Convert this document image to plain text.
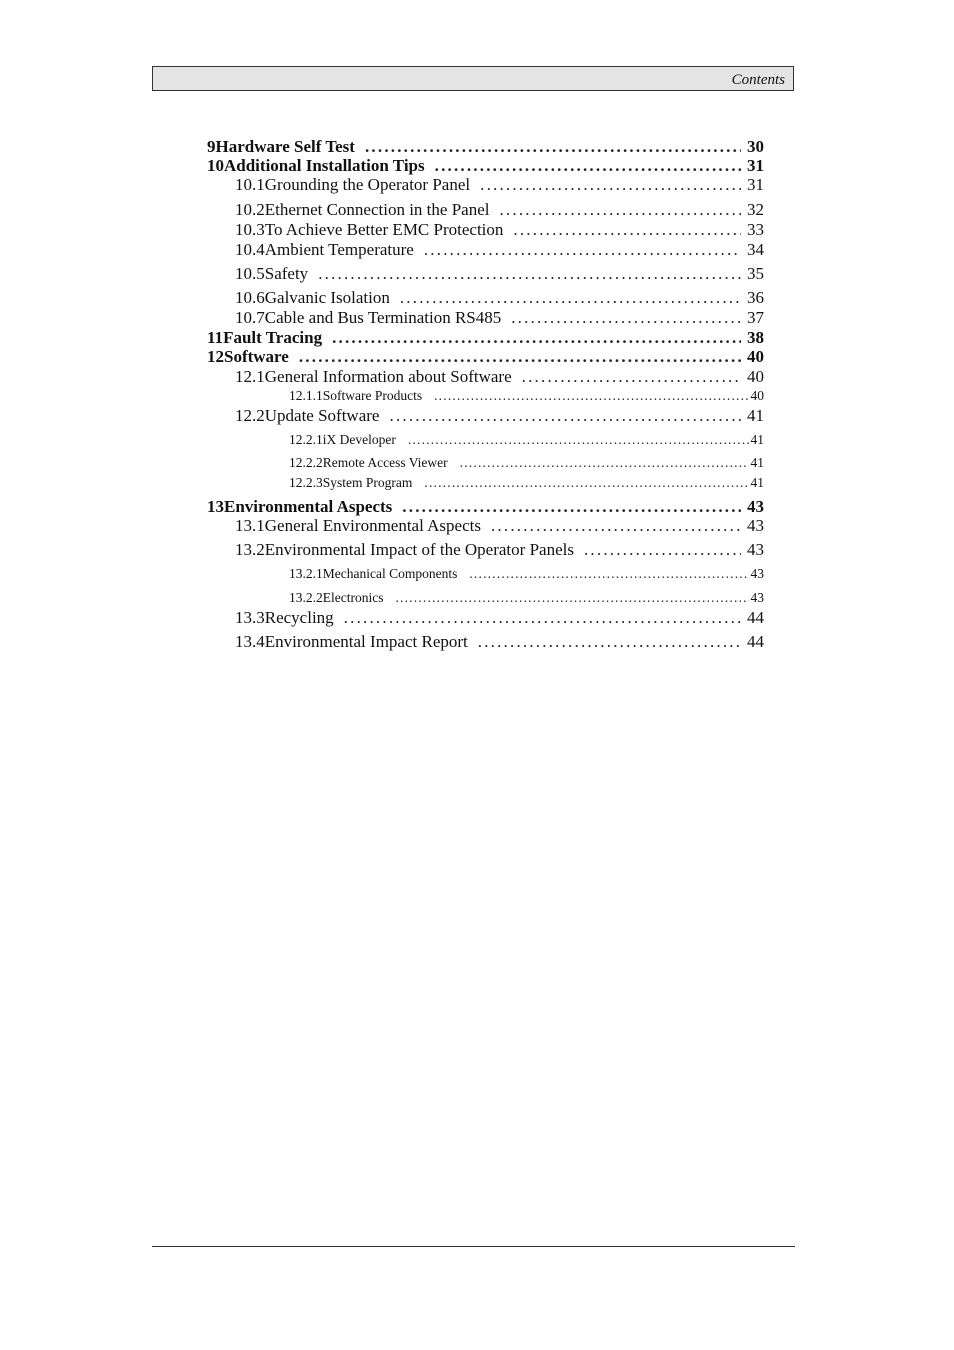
Contents
9 Hardware Self Test .....	30
10 Additional Installation Tips .....	31
10.1 Grounding the Operator Panel .....	31
10.2 Ethernet Connection in the Panel .....	32
10.3 To Achieve Better EMC Protection .....	33
10.4 Ambient Temperature .....	34
10.5 Safety .....	35
10.6 Galvanic Isolation .....	36
10.7 Cable and Bus Termination RS485 .....	37
11 Fault Tracing .....	38
12 Software .....	40
12.1 General Information about Software .....	40
12.1.1 Software Products .....	40
12.2 Update Software .....	41
12.2.1 iX Developer .....	41
12.2.2 Remote Access Viewer .....	41
12.2.3 System Program .....	41
13 Environmental Aspects .....	43
13.1 General Environmental Aspects .....	43
13.2 Environmental Impact of the Operator Panels .....	43
13.2.1 Mechanical Components .....	43
13.2.2 Electronics .....	43
13.3 Recycling .....	44
13.4 Environmental Impact Report .....	44
